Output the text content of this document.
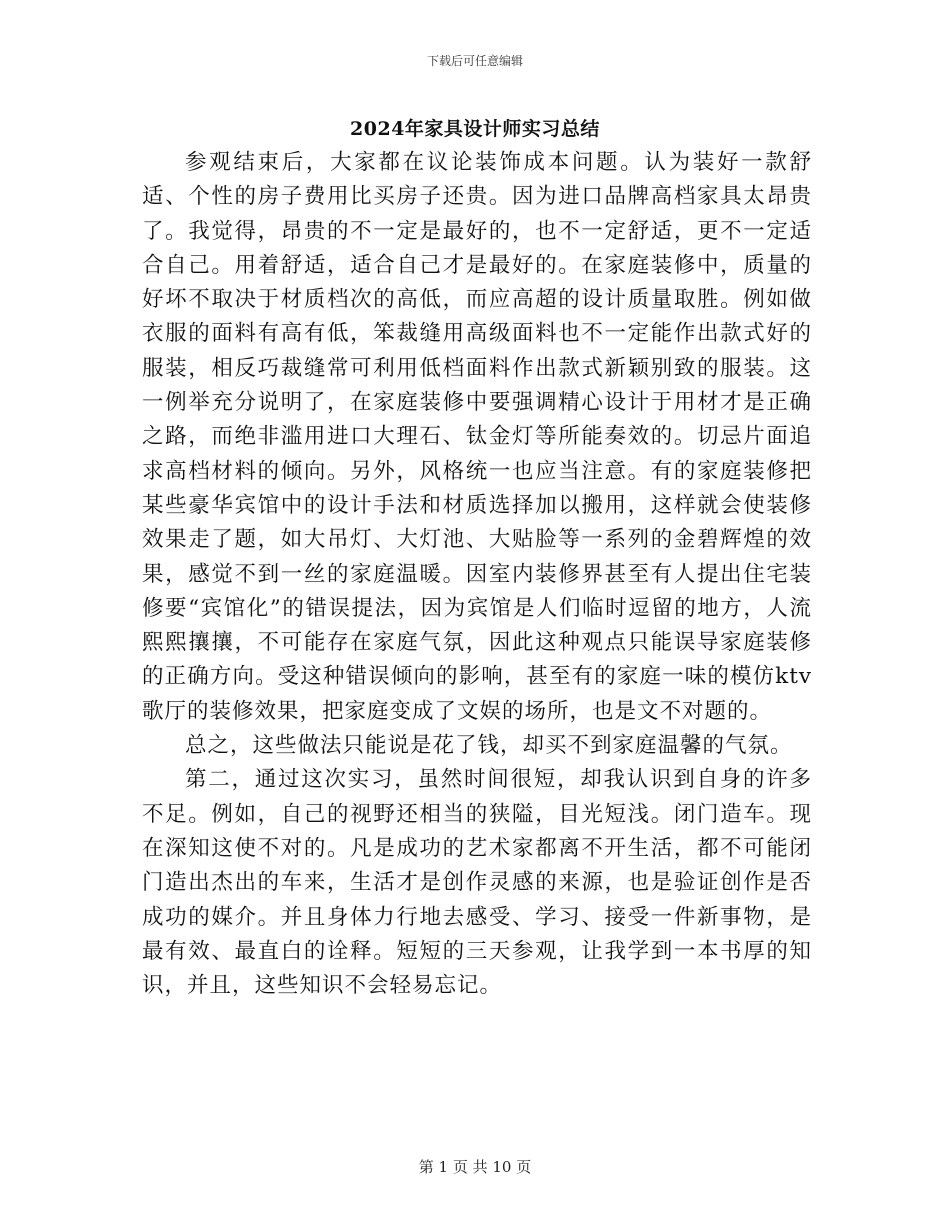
下载后可任意编辑
2024年家具设计师实习总结

参观结束后，大家都在议论装饰成本问题。认为装好一款舒适、个性的房子费用比买房子还贵。因为进口品牌高档家具太昂贵了。我觉得，昂贵的不一定是最好的，也不一定舒适，更不一定适合自己。用着舒适，适合自己才是最好的。在家庭装修中，质量的好坏不取决于材质档次的高低，而应高超的设计质量取胜。例如做衣服的面料有高有低，笨裁缝用高级面料也不一定能作出款式好的服装，相反巧裁缝常可利用低档面料作出款式新颖别致的服装。这一例举充分说明了，在家庭装修中要强调精心设计于用材才是正确之路，而绝非滥用进口大理石、钛金灯等所能奏效的。切忌片面追求高档材料的倾向。另外，风格统一也应当注意。有的家庭装修把某些豪华宾馆中的设计手法和材质选择加以搬用，这样就会使装修效果走了题，如大吊灯、大灯池、大贴脸等一系列的金碧辉煌的效果，感觉不到一丝的家庭温暖。因室内装修界甚至有人提出住宅装修要“宾馆化”的错误提法，因为宾馆是人们临时逗留的地方，人流熙熙攘攘，不可能存在家庭气氛，因此这种观点只能误导家庭装修的正确方向。受这种错误倾向的影响，甚至有的家庭一味的模仿ktv歌厅的装修效果，把家庭变成了文娱的场所，也是文不对题的。

总之，这些做法只能说是花了钱，却买不到家庭温馨的气氛。

第二，通过这次实习，虽然时间很短，却我认识到自身的许多不足。例如，自己的视野还相当的狭隘，目光短浅。闭门造车。现在深知这使不对的。凡是成功的艺术家都离不开生活，都不可能闭门造出杰出的车来，生活才是创作灵感的来源，也是验证创作是否成功的媒介。并且身体力行地去感受、学习、接受一件新事物，是最有效、最直白的诠释。短短的三天参观，让我学到一本书厚的知识，并且，这些知识不会轻易忘记。

第 1 页 共 10 页
